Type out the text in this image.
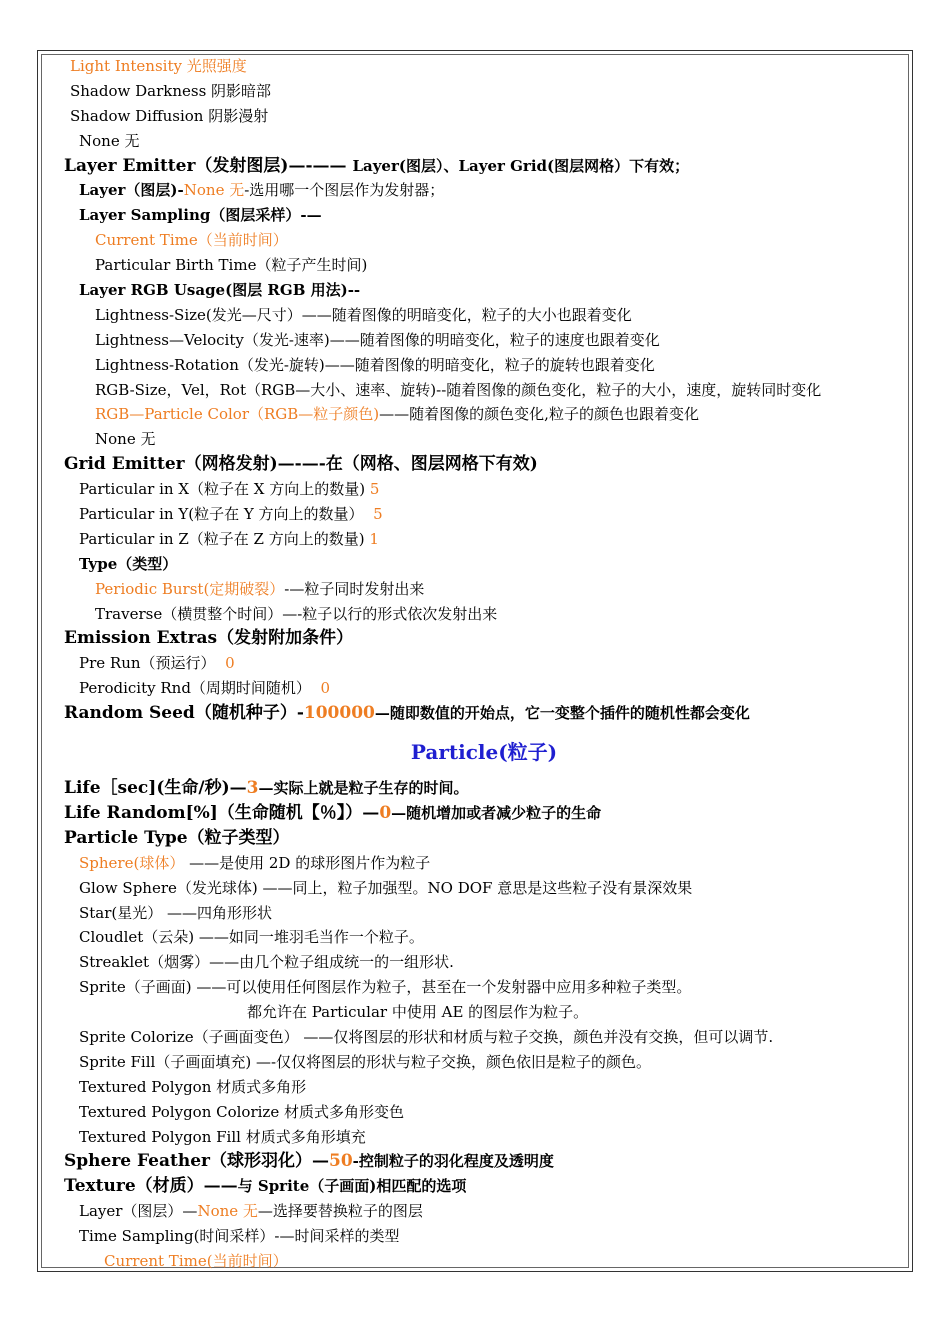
Light Intensity 光照强度
Shadow Darkness 阴影暗部
Shadow Diffusion 阴影漫射
None 无
Layer Emitter（发射图层)—-—— Layer(图层）、Layer Grid(图层网格）下有效；
Layer（图层)-None 无-选用哪一个图层作为发射器；
Layer Sampling（图层采样）-—
Current Time（当前时间）
Particular Birth Time（粒子产生时间)
Layer RGB Usage(图层 RGB 用法)--
Lightness-Size(发光—尺寸）——随着图像的明暗变化，粒子的大小也跟着变化
Lightness—Velocity（发光-速率)——随着图像的明暗变化，粒子的速度也跟着变化
Lightness-Rotation（发光-旋转)——随着图像的明暗变化，粒子的旋转也跟着变化
RGB-Size，Vel，Rot（RGB—大小、速率、旋转)--随着图像的颜色变化，粒子的大小，速度，旋转同时变化
RGB—Particle Color（RGB—粒子颜色)——随着图像的颜色变化,粒子的颜色也跟着变化
None 无
Grid Emitter（网格发射)—-—-在（网格、图层网格下有效)
Particular in X（粒子在 X 方向上的数量) 5
Particular in Y(粒子在 Y 方向上的数量） 5
Particular in Z（粒子在 Z 方向上的数量) 1
Type（类型）
Periodic Burst(定期破裂）-—粒子同时发射出来
Traverse（横贯整个时间）—-粒子以行的形式依次发射出来
Emission Extras（发射附加条件）
Pre Run（预运行） 0
Perodicity Rnd（周期时间随机） 0
Random Seed（随机种子）-100000—随即数值的开始点，它一变整个插件的随机性都会变化
Particle(粒子)
Life［sec](生命/秒)—3—实际上就是粒子生存的时间。
Life Random[%]（生命随机【％】）—0—随机增加或者减少粒子的生命
Particle Type（粒子类型）
Sphere(球体） ——是使用 2D 的球形图片作为粒子
Glow Sphere（发光球体) ——同上，粒子加强型。NO DOF 意思是这些粒子没有景深效果
Star(星光） ——四角形形状
Cloudlet（云朵) ——如同一堆羽毛当作一个粒子。
Streaklet（烟雾）——由几个粒子组成统一的一组形状.
Sprite（子画面) ——可以使用任何图层作为粒子，甚至在一个发射器中应用多种粒子类型。
都允许在 Particular 中使用 AE 的图层作为粒子。
Sprite Colorize（子画面变色） ——仅将图层的形状和材质与粒子交换，颜色并没有交换，但可以调节.
Sprite Fill（子画面填充) —-仅仅将图层的形状与粒子交换，颜色依旧是粒子的颜色。
Textured Polygon 材质式多角形
Textured Polygon Colorize 材质式多角形变色
Textured Polygon Fill 材质式多角形填充
Sphere Feather（球形羽化）—50-控制粒子的羽化程度及透明度
Texture（材质）——与 Sprite（子画面)相匹配的选项
Layer（图层）—None 无—选择要替换粒子的图层
Time Sampling(时间采样）-—时间采样的类型
Current Time(当前时间）
